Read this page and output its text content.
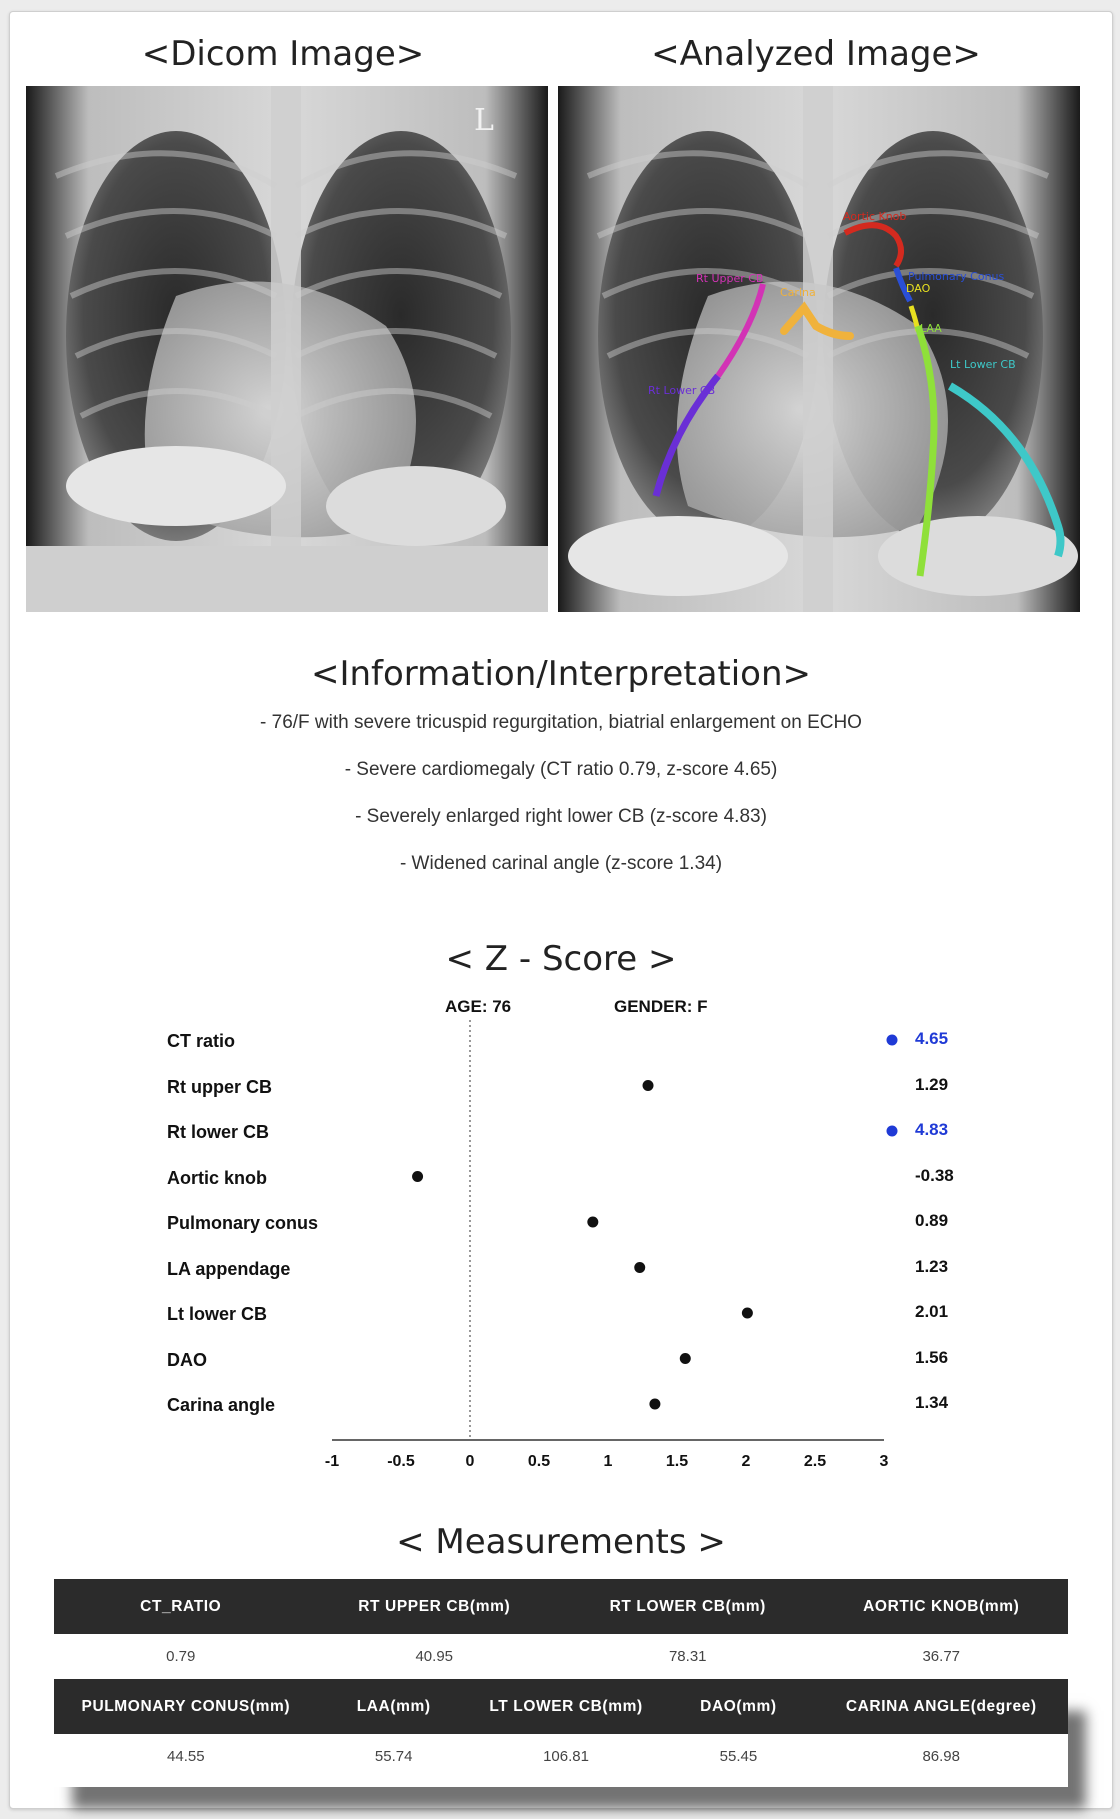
<Dicom Image>	<Analyzed Image>
L
Aortic Knob
Pulmonary Conus
DAO
Rt Upper CB
Carina
LAA
Lt Lower CB
Rt Lower CB
<Information/Interpretation>
- 76/F with severe tricuspid regurgitation, biatrial enlargement on ECHO
- Severe cardiomegaly (CT ratio 0.79, z-score 4.65)
- Severely enlarged right lower CB (z-score 4.83)
- Widened carinal angle (z-score 1.34)
< Z - Score >
AGE: 76	GENDER: F
CT ratio	4.65
Rt upper CB	1.29
Rt lower CB	4.83
Aortic knob	-0.38
Pulmonary conus	0.89
LA appendage	1.23
Lt lower CB	2.01
DAO	1.56
Carina angle	1.34
-1	-0.5	0	0.5	1	1.5	2	2.5	3
< Measurements >
CT_RATIO	RT UPPER CB(mm)	RT LOWER CB(mm)	AORTIC KNOB(mm)
0.79	40.95	78.31	36.77
PULMONARY CONUS(mm)	LAA(mm)	LT LOWER CB(mm)	DAO(mm)	CARINA ANGLE(degree)
44.55	55.74	106.81	55.45	86.98
